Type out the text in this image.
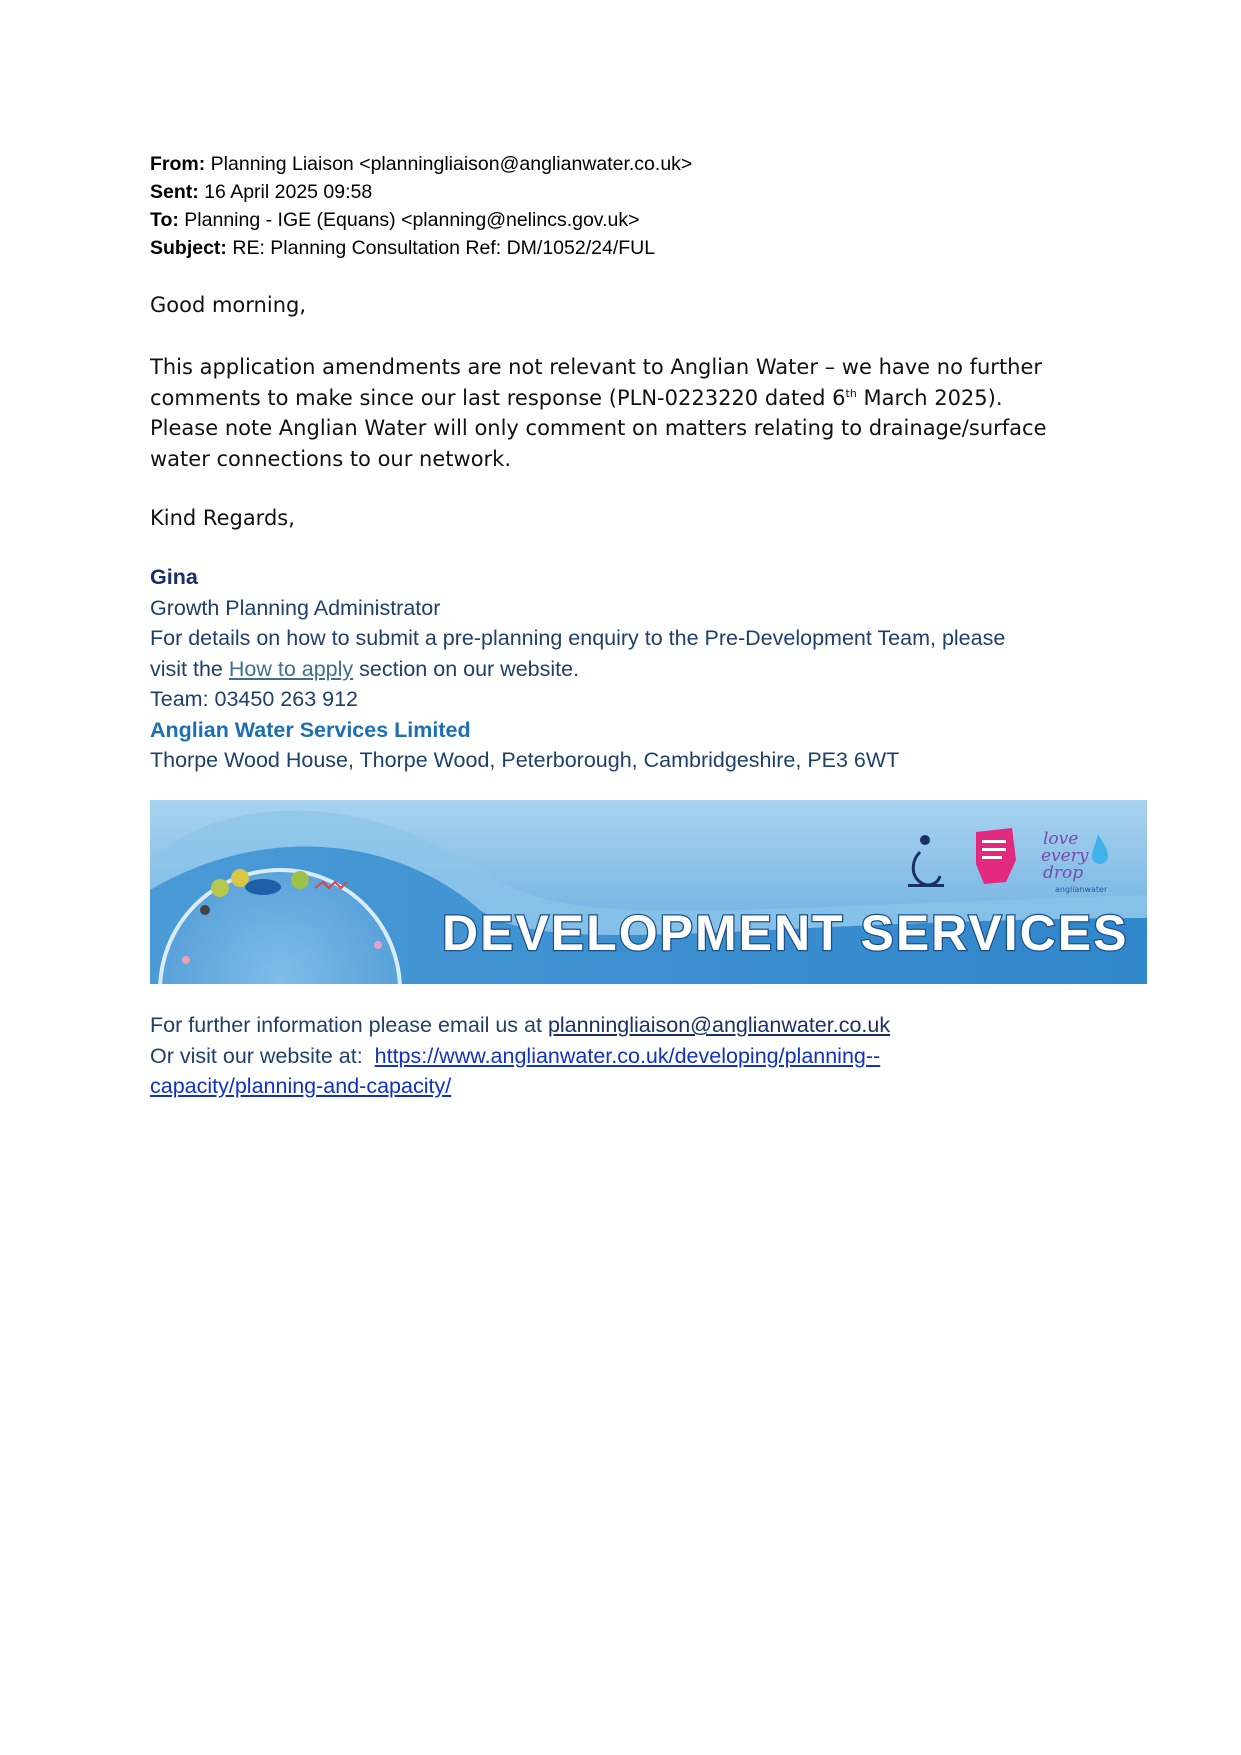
From: Planning Liaison <planningliaison@anglianwater.co.uk>
Sent: 16 April 2025 09:58
To: Planning - IGE (Equans) <planning@nelincs.gov.uk>
Subject: RE: Planning Consultation Ref: DM/1052/24/FUL
Good morning,
This application amendments are not relevant to Anglian Water – we have no further
comments to make since our last response (PLN-0223220 dated 6th March 2025).
Please note Anglian Water will only comment on matters relating to drainage/surface
water connections to our network.
Kind Regards,
Gina
Growth Planning Administrator
For details on how to submit a pre-planning enquiry to the Pre-Development Team, please
visit the How to apply section on our website.
Team: 03450 263 912
Anglian Water Services Limited
Thorpe Wood House, Thorpe Wood, Peterborough, Cambridgeshire, PE3 6WT
love
every
drop
anglianwater
DEVELOPMENT SERVICES
For further information please email us at planningliaison@anglianwater.co.uk
Or visit our website at:  https://www.anglianwater.co.uk/developing/planning--
capacity/planning-and-capacity/
